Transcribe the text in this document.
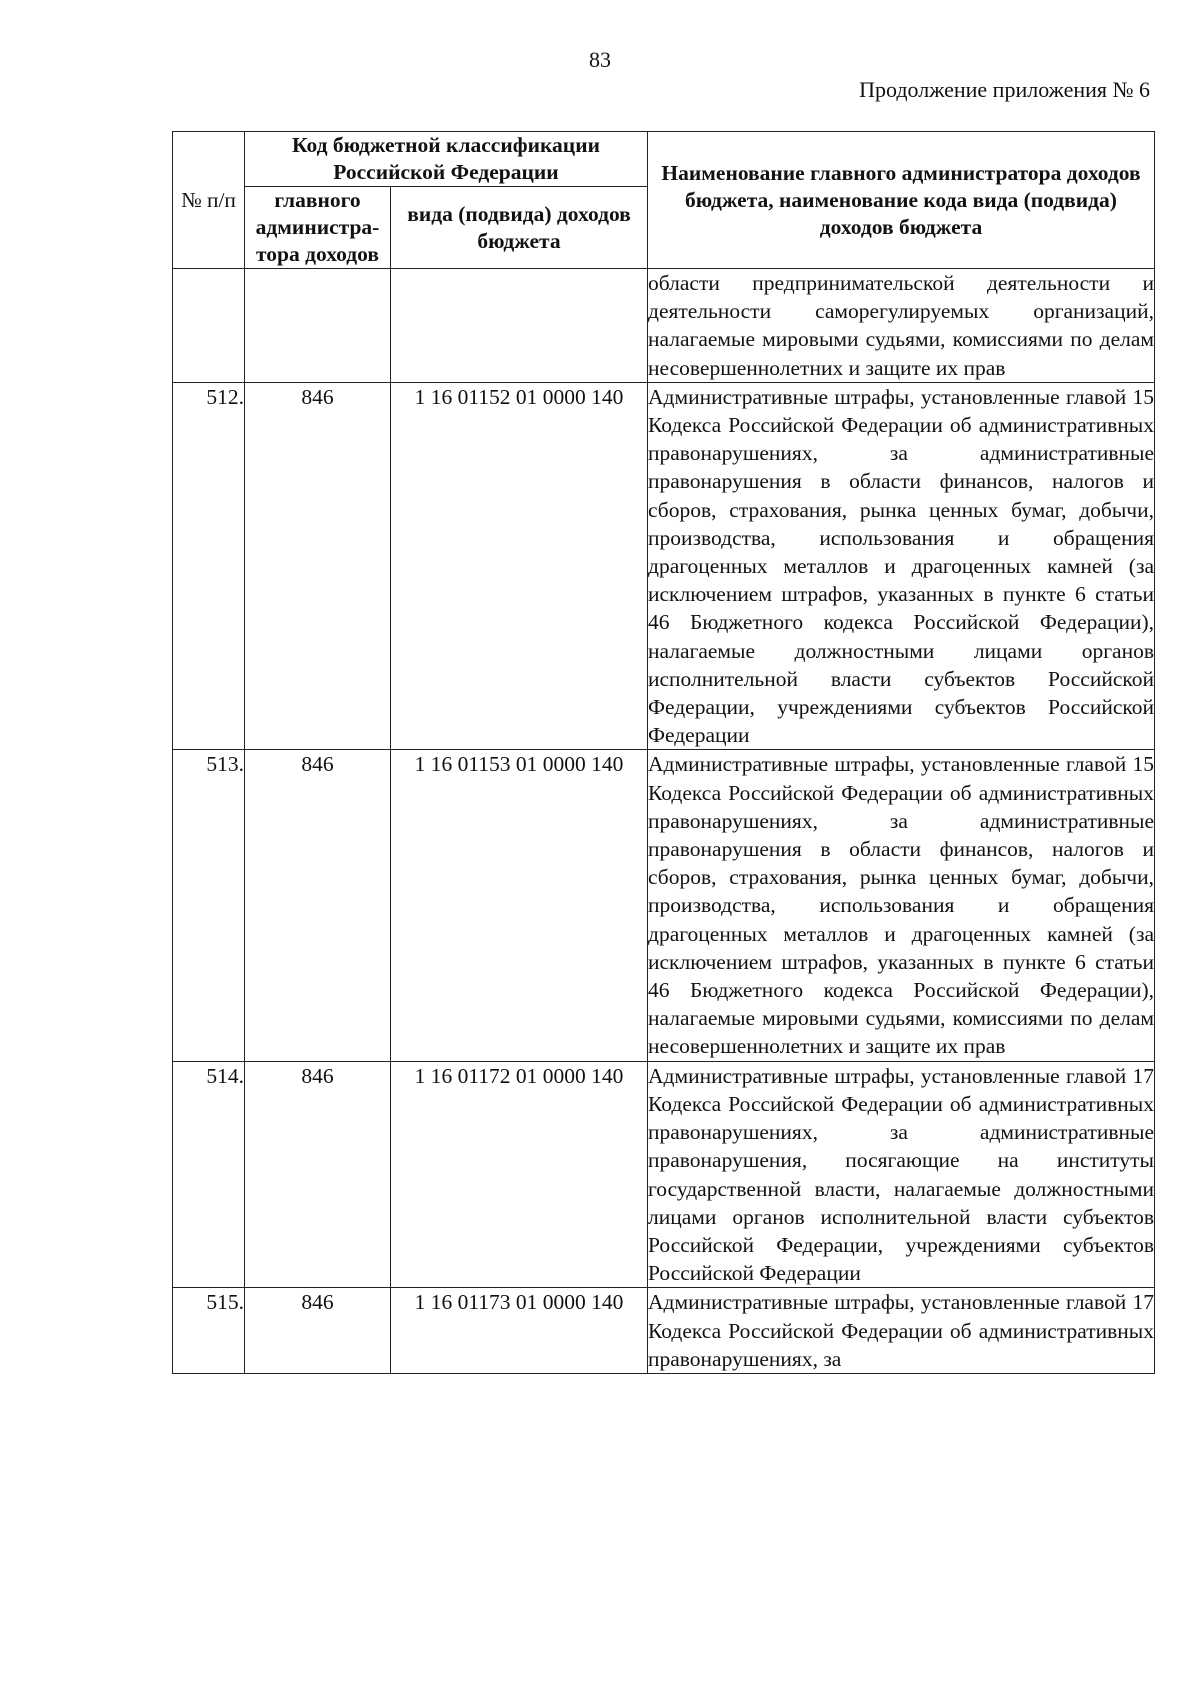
83
Продолжение приложения № 6
№ п/п	Код бюджетной классификации Российской Федерации		Наименование главного администратора доходов бюджета, наименование кода вида (подвида) доходов бюджета
	главного администра-тора доходов	вида (подвида) доходов бюджета	

			области предпринимательской деятельности и деятельности саморегулируемых организаций, налагаемые мировыми судьями, комиссиями по делам несовершеннолетних и защите их прав

512.	846	1 16 01152 01 0000 140	Административные штрафы, установленные главой 15 Кодекса Российской Федерации об административных правонарушениях, за административные правонарушения в области финансов, налогов и сборов, страхования, рынка ценных бумаг, добычи, производства, использования и обращения драгоценных металлов и драгоценных камней (за исключением штрафов, указанных в пункте 6 статьи 46 Бюджетного кодекса Российской Федерации), налагаемые должностными лицами органов исполнительной власти субъектов Российской Федерации, учреждениями субъектов Российской Федерации

513.	846	1 16 01153 01 0000 140	Административные штрафы, установленные главой 15 Кодекса Российской Федерации об административных правонарушениях, за административные правонарушения в области финансов, налогов и сборов, страхования, рынка ценных бумаг, добычи, производства, использования и обращения драгоценных металлов и драгоценных камней (за исключением штрафов, указанных в пункте 6 статьи 46 Бюджетного кодекса Российской Федерации), налагаемые мировыми судьями, комиссиями по делам несовершеннолетних и защите их прав

514.	846	1 16 01172 01 0000 140	Административные штрафы, установленные главой 17 Кодекса Российской Федерации об административных правонарушениях, за административные правонарушения, посягающие на институты государственной власти, налагаемые должностными лицами органов исполнительной власти субъектов Российской Федерации, учреждениями субъектов Российской Федерации

515.	846	1 16 01173 01 0000 140	Административные штрафы, установленные главой 17 Кодекса Российской Федерации об административных правонарушениях, за
